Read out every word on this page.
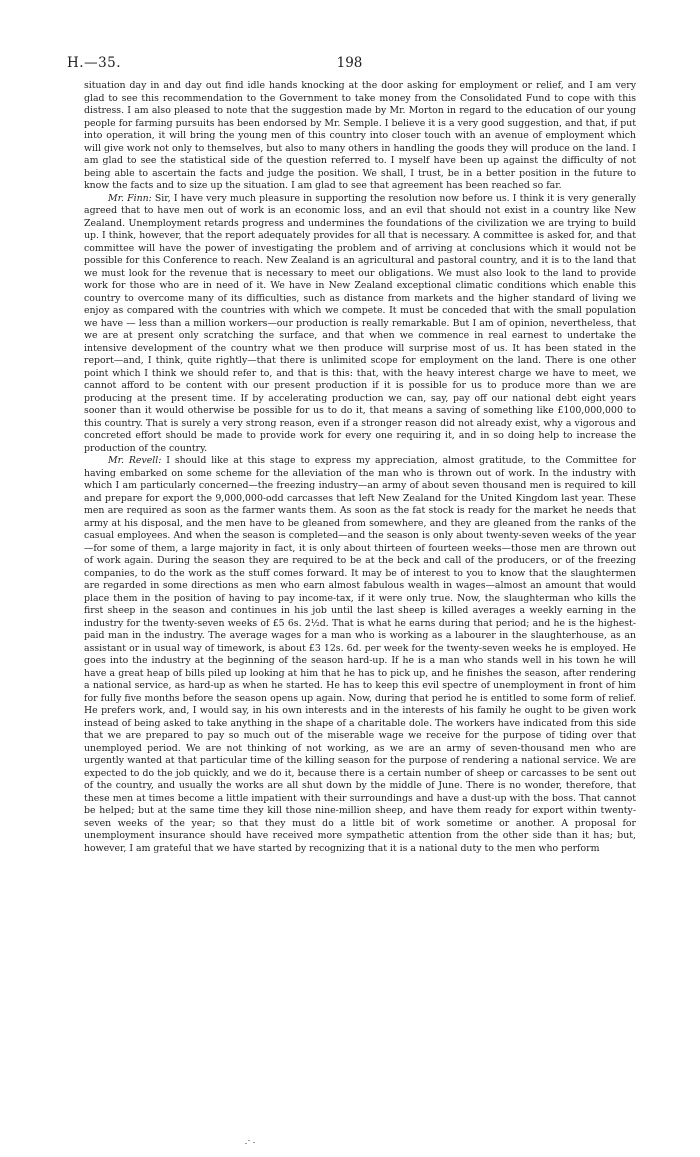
H.—35.	198

situation day in and day out find idle hands knocking at the door asking for employment or relief, and I am very glad to see this recommendation to the Government to take money from the Consolidated Fund to cope with this distress. I am also pleased to note that the suggestion made by Mr. Morton in regard to the education of our young people for farming pursuits has been endorsed by Mr. Semple. I believe it is a very good suggestion, and that, if put into operation, it will bring the young men of this country into closer touch with an avenue of employment which will give work not only to themselves, but also to many others in handling the goods they will produce on the land. I am glad to see the statistical side of the question referred to. I myself have been up against the difficulty of not being able to ascertain the facts and judge the position. We shall, I trust, be in a better position in the future to know the facts and to size up the situation. I am glad to see that agreement has been reached so far.

Mr. Finn: Sir, I have very much pleasure in supporting the resolution now before us. I think it is very generally agreed that to have men out of work is an economic loss, and an evil that should not exist in a country like New Zealand. Unemployment retards progress and undermines the foundations of the civilization we are trying to build up. I think, however, that the report adequately provides for all that is necessary. A committee is asked for, and that committee will have the power of investigating the problem and of arriving at conclusions which it would not be possible for this Conference to reach. New Zealand is an agricultural and pastoral country, and it is to the land that we must look for the revenue that is necessary to meet our obligations. We must also look to the land to provide work for those who are in need of it. We have in New Zealand exceptional climatic conditions which enable this country to overcome many of its difficulties, such as distance from markets and the higher standard of living we enjoy as compared with the countries with which we compete. It must be conceded that with the small population we have — less than a million workers—our production is really remarkable. But I am of opinion, nevertheless, that we are at present only scratching the surface, and that when we commence in real earnest to undertake the intensive development of the country what we then produce will surprise most of us. It has been stated in the report—and, I think, quite rightly—that there is unlimited scope for employment on the land. There is one other point which I think we should refer to, and that is this: that, with the heavy interest charge we have to meet, we cannot afford to be content with our present production if it is possible for us to produce more than we are producing at the present time. If by accelerating production we can, say, pay off our national debt eight years sooner than it would otherwise be possible for us to do it, that means a saving of something like £100,000,000 to this country. That is surely a very strong reason, even if a stronger reason did not already exist, why a vigorous and concreted effort should be made to provide work for every one requiring it, and in so doing help to increase the production of the country.

Mr. Revell: I should like at this stage to express my appreciation, almost gratitude, to the Committee for having embarked on some scheme for the alleviation of the man who is thrown out of work. In the industry with which I am particularly concerned—the freezing industry—an army of about seven thousand men is required to kill and prepare for export the 9,000,000-odd carcasses that left New Zealand for the United Kingdom last year. These men are required as soon as the farmer wants them. As soon as the fat stock is ready for the market he needs that army at his disposal, and the men have to be gleaned from somewhere, and they are gleaned from the ranks of the casual employees. And when the season is completed—and the season is only about twenty-seven weeks of the year—for some of them, a large majority in fact, it is only about thirteen of fourteen weeks—those men are thrown out of work again. During the season they are required to be at the beck and call of the producers, or of the freezing companies, to do the work as the stuff comes forward. It may be of interest to you to know that the slaughtermen are regarded in some directions as men who earn almost fabulous wealth in wages—almost an amount that would place them in the position of having to pay income-tax, if it were only true. Now, the slaughterman who kills the first sheep in the season and continues in his job until the last sheep is killed averages a weekly earning in the industry for the twenty-seven weeks of £5 6s. 2½d. That is what he earns during that period; and he is the highest-paid man in the industry. The average wages for a man who is working as a labourer in the slaughterhouse, as an assistant or in usual way of timework, is about £3 12s. 6d. per week for the twenty-seven weeks he is employed. He goes into the industry at the beginning of the season hard-up. If he is a man who stands well in his town he will have a great heap of bills piled up looking at him that he has to pick up, and he finishes the season, after rendering a national service, as hard-up as when he started. He has to keep this evil spectre of unemployment in front of him for fully five months before the season opens up again. Now, during that period he is entitled to some form of relief. He prefers work, and, I would say, in his own interests and in the interests of his family he ought to be given work instead of being asked to take anything in the shape of a charitable dole. The workers have indicated from this side that we are prepared to pay so much out of the miserable wage we receive for the purpose of tiding over that unemployed period. We are not thinking of not working, as we are an army of seven-thousand men who are urgently wanted at that particular time of the killing season for the purpose of rendering a national service. We are expected to do the job quickly, and we do it, because there is a certain number of sheep or carcasses to be sent out of the country, and usually the works are all shut down by the middle of June. There is no wonder, therefore, that these men at times become a little impatient with their surroundings and have a dust-up with the boss. That cannot be helped; but at the same time they kill those nine-million sheep, and have them ready for export within twenty-seven weeks of the year; so that they must do a little bit of work sometime or another. A proposal for unemployment insurance should have received more sympathetic attention from the other side than it has; but, however, I am grateful that we have started by recognizing that it is a national duty to the men who perform
